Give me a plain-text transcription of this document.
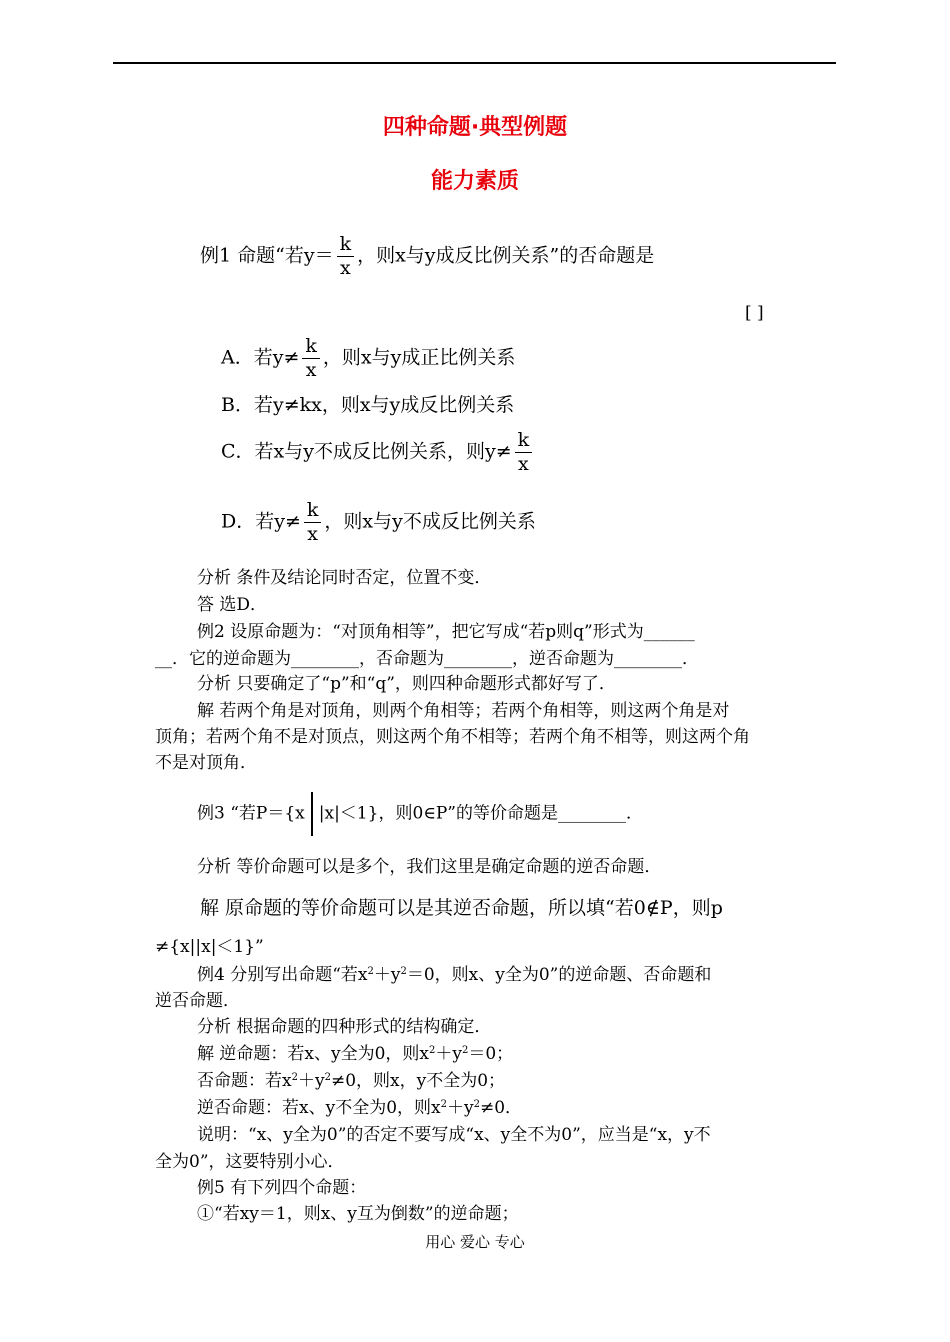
四种命题·典型例题
能力素质
例1 命题“若$y= \frac{k}{x}$ ，则x与y成反比例关系”的否命题是
[ ]
A．若$y\ne \frac{k}{x}$ ，则x与y成正比例关系
B．若y≠kx，则x与y成反比例关系
C．若x与y不成反比例关系，则$y\ne \frac{k}{x}$
D．若$y\ne \frac{k}{x}$ ，则x与y不成反比例关系
分析 条件及结论同时否定，位置不变．
答 选D．
例2 设原命题为：“对顶角相等”，把它写成“若p则q”形式为______
__．它的逆命题为________，否命题为________，逆否命题为________．
分析 只要确定了“p”和“q”，则四种命题形式都好写了．
解 若两个角是对顶角，则两个角相等；若两个角相等，则这两个角是对
顶角；若两个角不是对顶点，则这两个角不相等；若两个角不相等，则这两个角
不是对顶角．
例3 “若P＝{x |x|＜1}，则0∈P”的等价命题是________．
分析 等价命题可以是多个，我们这里是确定命题的逆否命题．
解 原命题的等价命题可以是其逆否命题，所以填“若0∉P，则p
≠{x||x|＜1}”
例4 分别写出命题“若$x^2+y^2=0$，则x、y全为0”的逆命题、否命题和
逆否命题．
分析 根据命题的四种形式的结构确定．
解 逆命题：若x、y全为0，则$x^2+y^2=0$；
否命题：若$x^2+y^2\ne 0$，则x，y不全为0；
逆否命题：若x、y不全为0，则$x^2+y^2\ne 0$．
说明：“x、y全为0”的否定不要写成“x、y全不为0”，应当是“x，y不
全为0”，这要特别小心．
例5 有下列四个命题：
①“若xy＝1，则x、y互为倒数”的逆命题；
用心 爱心 专心
